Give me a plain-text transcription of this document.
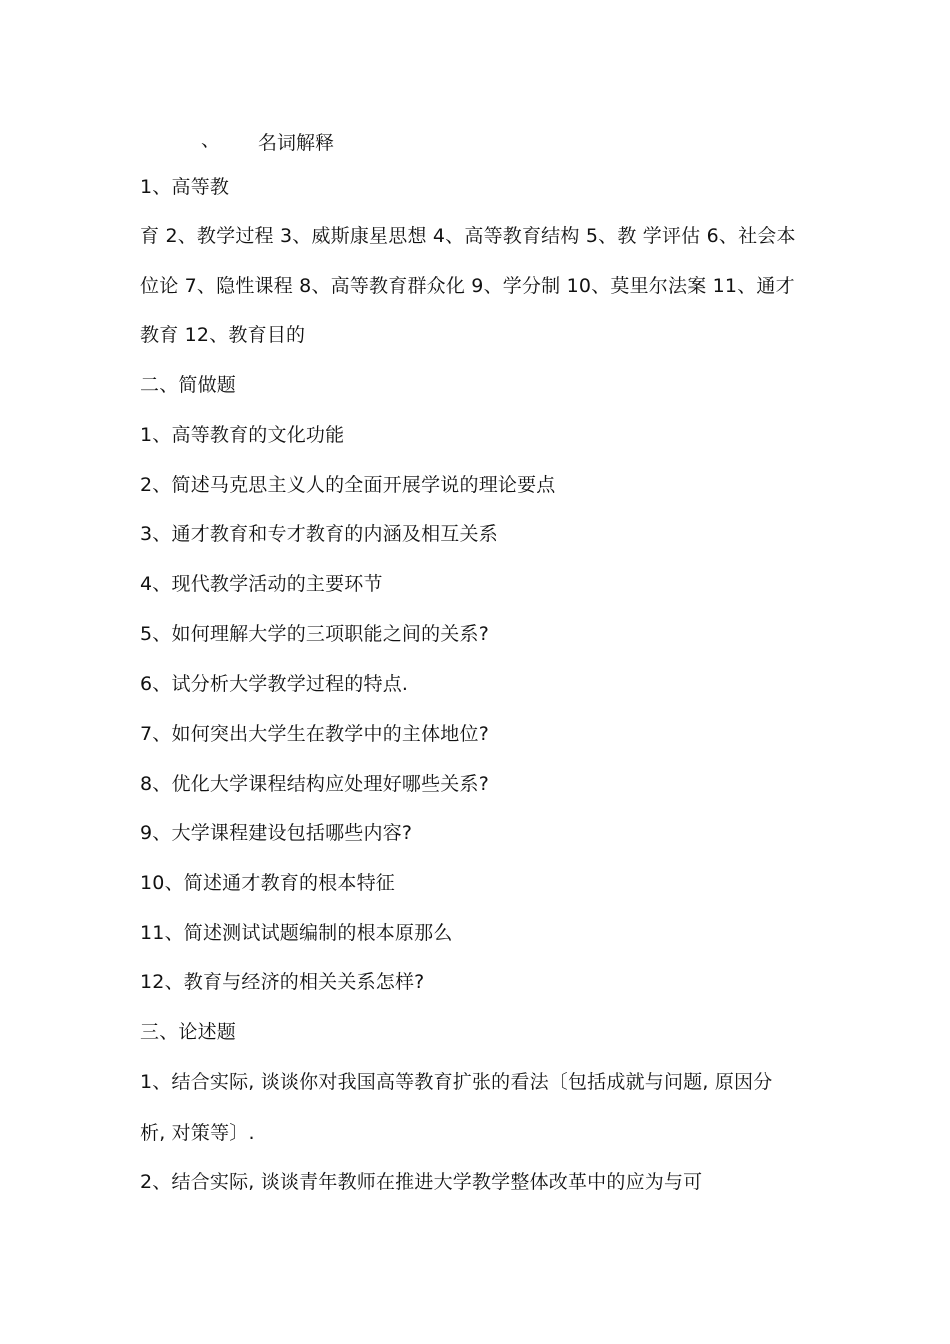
、 名词解释
1、高等教
育 2、教学过程 3、威斯康星思想 4、高等教育结构 5、教 学评估 6、社会本
位论 7、隐性课程 8、高等教育群众化 9、学分制 10、莫里尔法案 11、通才
教育 12、教育目的
二、简做题
1、高等教育的文化功能
2、简述马克思主义人的全面开展学说的理论要点
3、通才教育和专才教育的内涵及相互关系
4、现代教学活动的主要环节
5、如何理解大学的三项职能之间的关系?
6、试分析大学教学过程的特点.
7、如何突出大学生在教学中的主体地位?
8、优化大学课程结构应处理好哪些关系?
9、大学课程建设包括哪些内容?
10、简述通才教育的根本特征
11、简述测试试题编制的根本原那么
12、教育与经济的相关关系怎样?
三、论述题
1、结合实际, 谈谈你对我国高等教育扩张的看法〔包括成就与问题, 原因分
析, 对策等〕.
2、结合实际, 谈谈青年教师在推进大学教学整体改革中的应为与可
